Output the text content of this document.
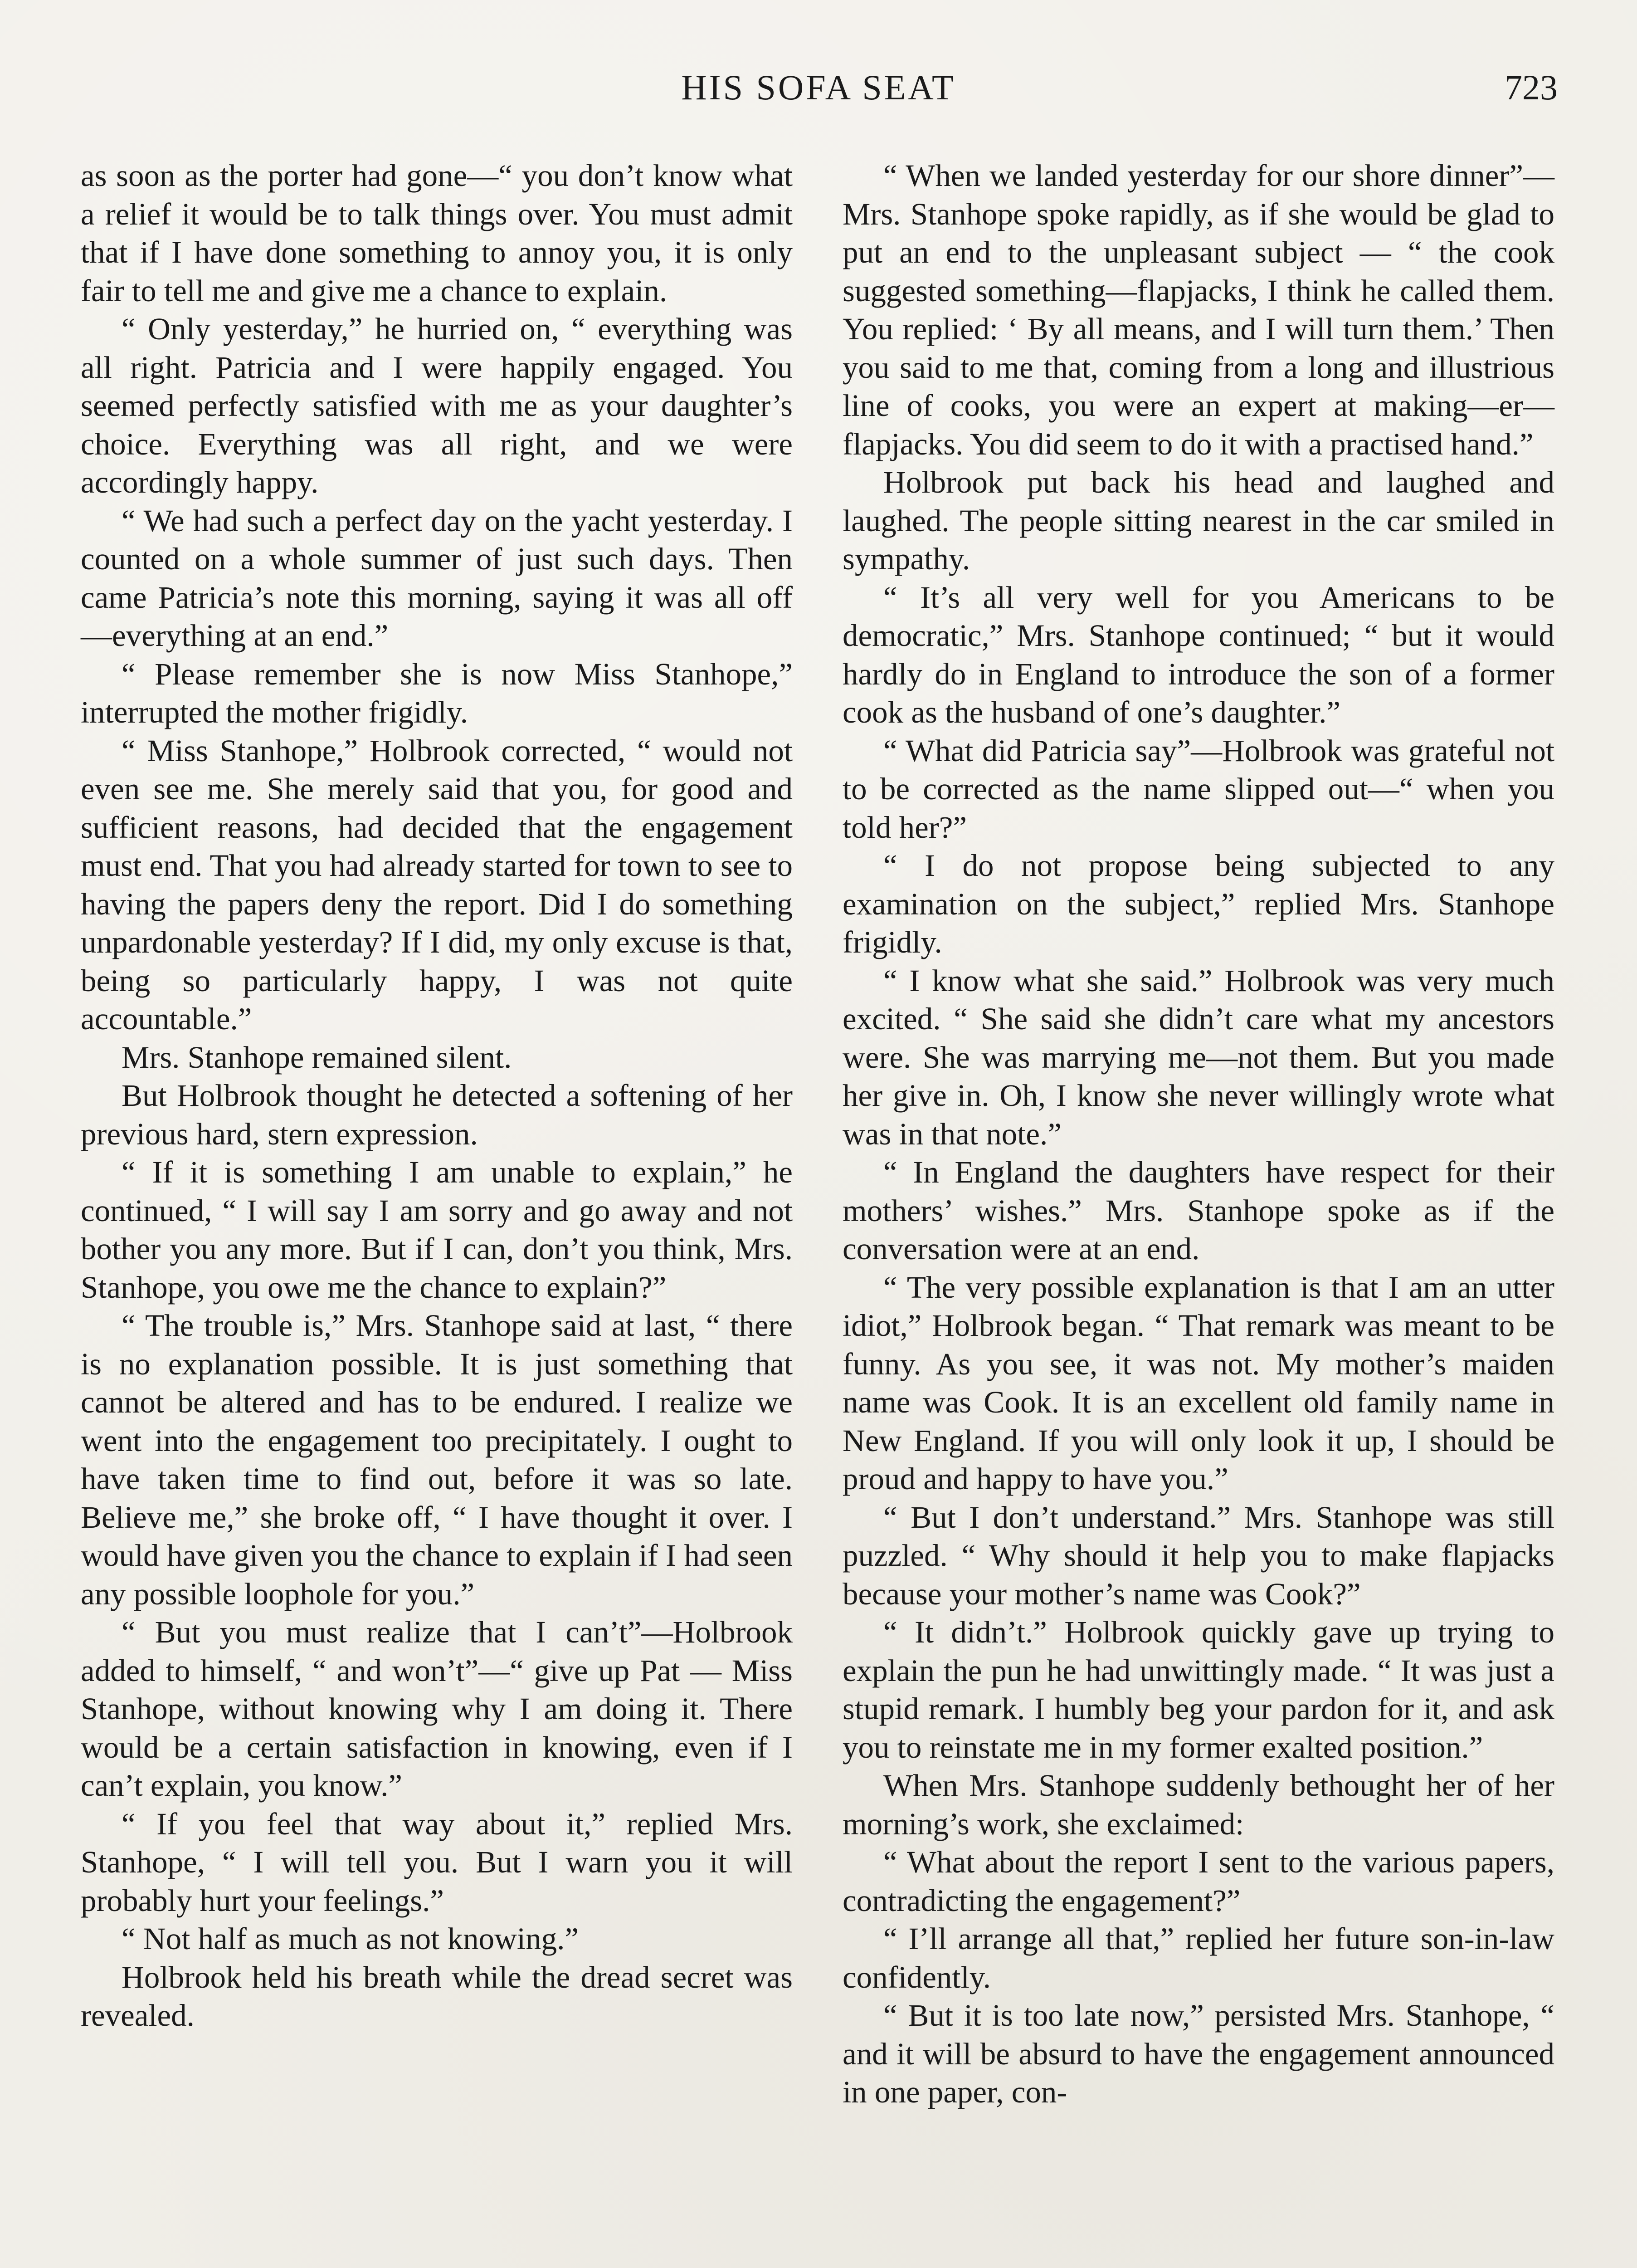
HIS SOFA SEAT	723

as soon as the porter had gone—“ you don’t know what a relief it would be to talk things over. You must admit that if I have done something to annoy you, it is only fair to tell me and give me a chance to explain.

“ Only yesterday,” he hurried on, “ everything was all right. Patricia and I were happily engaged. You seemed perfectly satisfied with me as your daughter’s choice. Everything was all right, and we were accordingly happy.

“ We had such a perfect day on the yacht yesterday. I counted on a whole summer of just such days. Then came Patricia’s note this morning, saying it was all off—everything at an end.”

“ Please remember she is now Miss Stanhope,” interrupted the mother frigidly.

“ Miss Stanhope,” Holbrook corrected, “ would not even see me. She merely said that you, for good and sufficient reasons, had decided that the engagement must end. That you had already started for town to see to having the papers deny the report. Did I do something unpardonable yesterday? If I did, my only excuse is that, being so particularly happy, I was not quite accountable.”

Mrs. Stanhope remained silent.

But Holbrook thought he detected a softening of her previous hard, stern expression.

“ If it is something I am unable to explain,” he continued, “ I will say I am sorry and go away and not bother you any more. But if I can, don’t you think, Mrs. Stanhope, you owe me the chance to explain?”

“ The trouble is,” Mrs. Stanhope said at last, “ there is no explanation possible. It is just something that cannot be altered and has to be endured. I realize we went into the engagement too precipitately. I ought to have taken time to find out, before it was so late. Believe me,” she broke off, “ I have thought it over. I would have given you the chance to explain if I had seen any possible loophole for you.”

“ But you must realize that I can’t”—Holbrook added to himself, “ and won’t”—“ give up Pat — Miss Stanhope, without knowing why I am doing it. There would be a certain satisfaction in knowing, even if I can’t explain, you know.”

“ If you feel that way about it,” replied Mrs. Stanhope, “ I will tell you. But I warn you it will probably hurt your feelings.”

“ Not half as much as not knowing.”

Holbrook held his breath while the dread secret was revealed.

“ When we landed yesterday for our shore dinner”—Mrs. Stanhope spoke rapidly, as if she would be glad to put an end to the unpleasant subject — “ the cook suggested something—flapjacks, I think he called them. You replied: ‘ By all means, and I will turn them.’ Then you said to me that, coming from a long and illustrious line of cooks, you were an expert at making—er—flapjacks. You did seem to do it with a practised hand.”

Holbrook put back his head and laughed and laughed. The people sitting nearest in the car smiled in sympathy.

“ It’s all very well for you Americans to be democratic,” Mrs. Stanhope continued; “ but it would hardly do in England to introduce the son of a former cook as the husband of one’s daughter.”

“ What did Patricia say”—Holbrook was grateful not to be corrected as the name slipped out—“ when you told her?”

“ I do not propose being subjected to any examination on the subject,” replied Mrs. Stanhope frigidly.

“ I know what she said.” Holbrook was very much excited. “ She said she didn’t care what my ancestors were. She was marrying me—not them. But you made her give in. Oh, I know she never willingly wrote what was in that note.”

“ In England the daughters have respect for their mothers’ wishes.” Mrs. Stanhope spoke as if the conversation were at an end.

“ The very possible explanation is that I am an utter idiot,” Holbrook began. “ That remark was meant to be funny. As you see, it was not. My mother’s maiden name was Cook. It is an excellent old family name in New England. If you will only look it up, I should be proud and happy to have you.”

“ But I don’t understand.” Mrs. Stanhope was still puzzled. “ Why should it help you to make flapjacks because your mother’s name was Cook?”

“ It didn’t.” Holbrook quickly gave up trying to explain the pun he had unwittingly made. “ It was just a stupid remark. I humbly beg your pardon for it, and ask you to reinstate me in my former exalted position.”

When Mrs. Stanhope suddenly bethought her of her morning’s work, she exclaimed:

“ What about the report I sent to the various papers, contradicting the engagement?”

“ I’ll arrange all that,” replied her future son-in-law confidently.

“ But it is too late now,” persisted Mrs. Stanhope, “ and it will be absurd to have the engagement announced in one paper, con-
